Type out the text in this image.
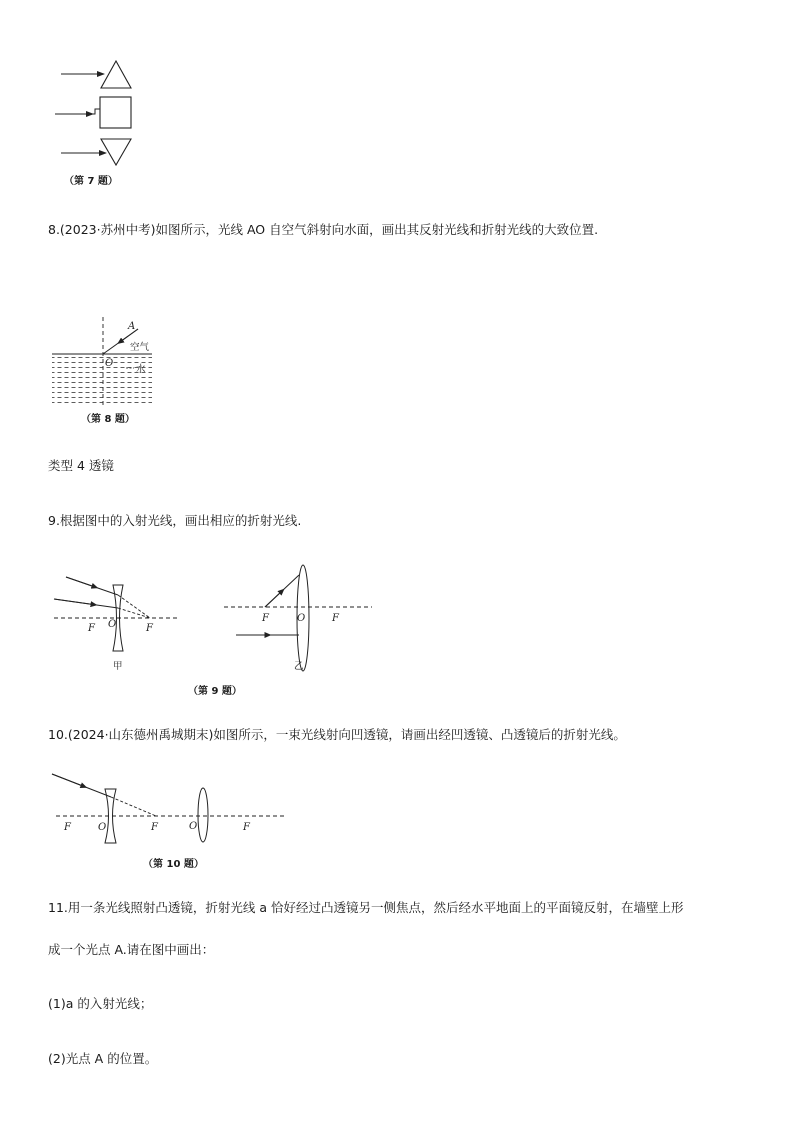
（第 7 题）
8.(2023·苏州中考)如图所示，光线 AO 自空气斜射向水面，画出其反射光线和折射光线的大致位置.
A
O
空气
水
（第 8 题）
类型 4 透镜
9.根据图中的入射光线，画出相应的折射光线.
F O	F
甲
F	O	F
乙
（第 9 题）
10.(2024·山东德州禹城期末)如图所示，一束光线射向凹透镜，请画出经凹透镜、凸透镜后的折射光线。
F	O	F	O	F
（第 10 题）
11.用一条光线照射凸透镜，折射光线 a 恰好经过凸透镜另一侧焦点，然后经水平地面上的平面镜反射，在墙壁上形
成一个光点 A.请在图中画出：
(1)a 的入射光线；
(2)光点 A 的位置。
